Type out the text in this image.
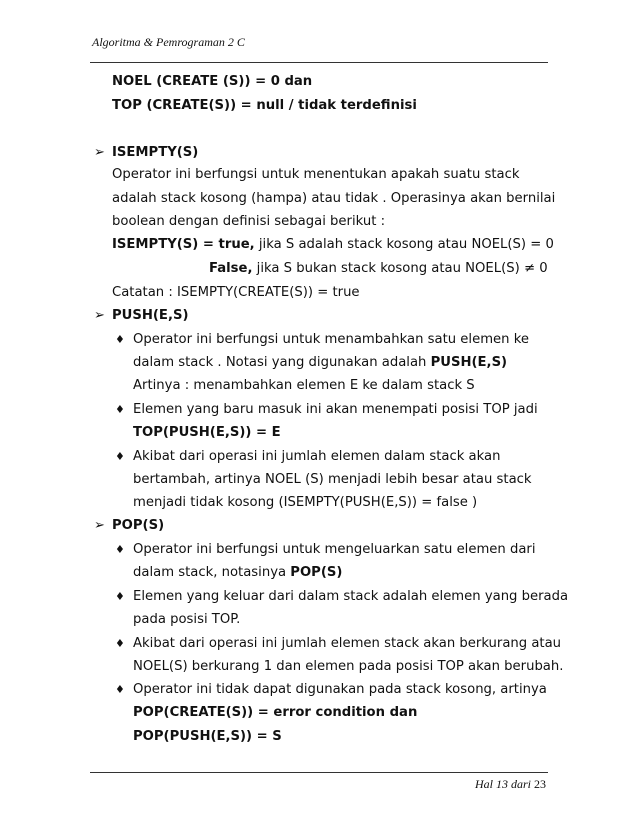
Algoritma & Pemrograman 2 C
NOEL (CREATE (S)) = 0 dan
TOP (CREATE(S)) = null / tidak terdefinisi
➢ ISEMPTY(S)
Operator ini berfungsi untuk menentukan apakah suatu stack
adalah stack kosong (hampa) atau tidak . Operasinya akan bernilai
boolean dengan definisi sebagai berikut :
ISEMPTY(S) = true, jika S adalah stack kosong atau NOEL(S) = 0
False, jika S bukan stack kosong atau NOEL(S) ≠ 0
Catatan : ISEMPTY(CREATE(S)) = true
➢ PUSH(E,S)
♦ Operator ini berfungsi untuk menambahkan satu elemen ke
dalam stack . Notasi yang digunakan adalah PUSH(E,S)
Artinya : menambahkan elemen E ke dalam stack S
♦ Elemen yang baru masuk ini akan menempati posisi TOP jadi
TOP(PUSH(E,S)) = E
♦ Akibat dari operasi ini jumlah elemen dalam stack akan
bertambah, artinya NOEL (S) menjadi lebih besar atau stack
menjadi tidak kosong (ISEMPTY(PUSH(E,S)) = false )
➢ POP(S)
♦ Operator ini berfungsi untuk mengeluarkan satu elemen dari
dalam stack, notasinya POP(S)
♦ Elemen yang keluar dari dalam stack adalah elemen yang berada
pada posisi TOP.
♦ Akibat dari operasi ini jumlah elemen stack akan berkurang atau
NOEL(S) berkurang 1 dan elemen pada posisi TOP akan berubah.
♦ Operator ini tidak dapat digunakan pada stack kosong, artinya
POP(CREATE(S)) = error condition dan
POP(PUSH(E,S)) = S
Hal 13 dari 23
